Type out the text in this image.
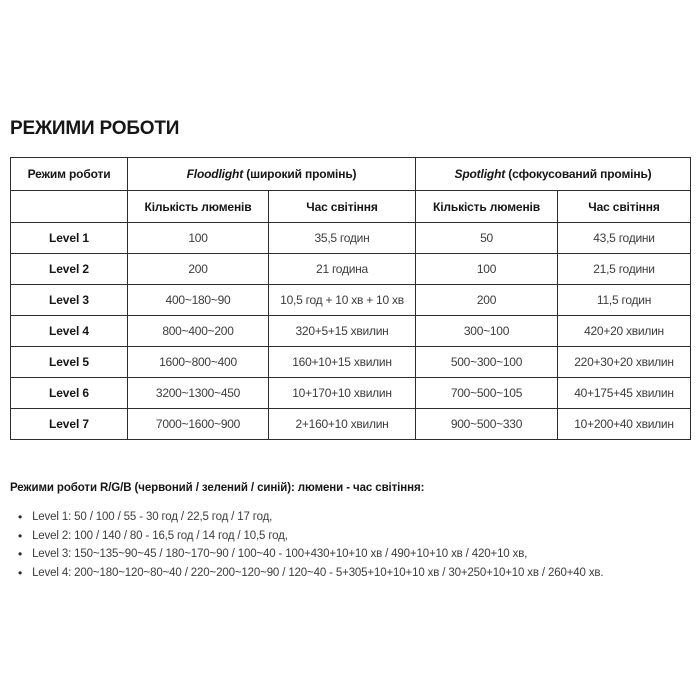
РЕЖИМИ РОБОТИ
Режим роботи	Floodlight (широкий промінь)		Spotlight (сфокусований промінь)	
	Кількість люменів	Час світіння	Кількість люменів	Час світіння
Level 1	100	35,5 годин	50	43,5 години
Level 2	200	21 година	100	21,5 години
Level 3	400~180~90	10,5 год + 10 хв + 10 хв	200	11,5 годин
Level 4	800~400~200	320+5+15 хвилин	300~100	420+20 хвилин
Level 5	1600~800~400	160+10+15 хвилин	500~300~100	220+30+20 хвилин
Level 6	3200~1300~450	10+170+10 хвилин	700~500~105	40+175+45 хвилин
Level 7	7000~1600~900	2+160+10 хвилин	900~500~330	10+200+40 хвилин

Режими роботи R/G/B (червоний / зелений / синій): люмени - час світіння:

• Level 1: 50 / 100 / 55 - 30 год / 22,5 год / 17 год,
• Level 2: 100 / 140 / 80 - 16,5 год / 14 год / 10,5 год,
• Level 3: 150~135~90~45 / 180~170~90 / 100~40 - 100+430+10+10 хв / 490+10+10 хв / 420+10 хв,
• Level 4: 200~180~120~80~40 / 220~200~120~90 / 120~40 - 5+305+10+10+10 хв / 30+250+10+10 хв / 260+40 хв.
